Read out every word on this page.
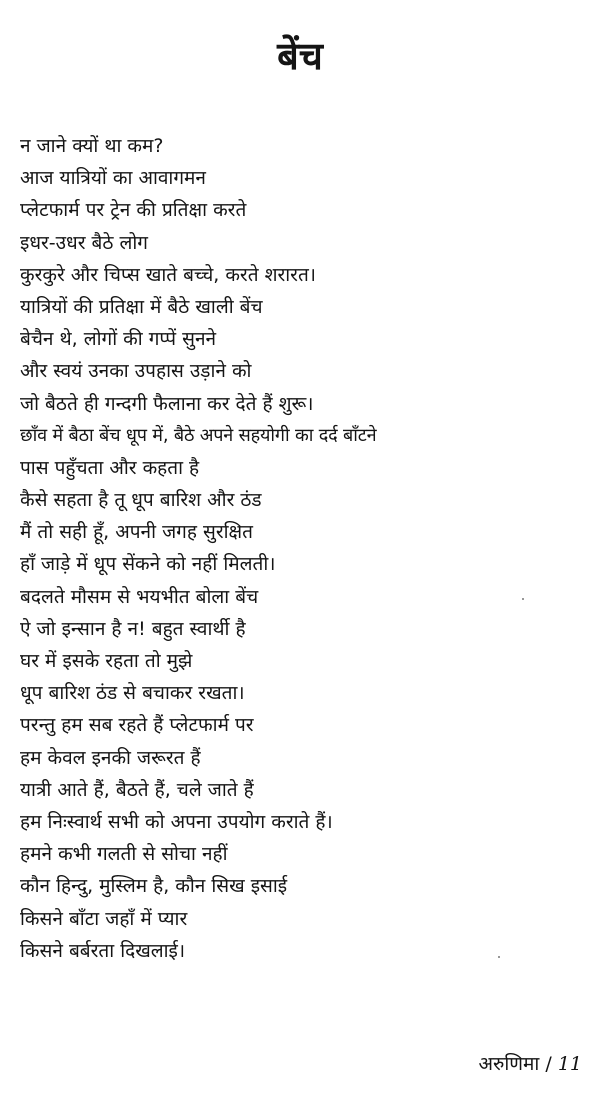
बेंच
न जाने क्यों था कम?
आज यात्रियों का आवागमन
प्लेटफार्म पर ट्रेन की प्रतिक्षा करते
इधर-उधर बैठे लोग
कुरकुरे और चिप्स खाते बच्चे, करते शरारत।
यात्रियों की प्रतिक्षा में बैठे खाली बेंच
बेचैन थे, लोगों की गप्पें सुनने
और स्वयं उनका उपहास उड़ाने को
जो बैठते ही गन्दगी फैलाना कर देते हैं शुरू।
छाँव में बैठा बेंच धूप में, बैठे अपने सहयोगी का दर्द बाँटने
पास पहुँचता और कहता है
कैसे सहता है तू धूप बारिश और ठंड
मैं तो सही हूँ, अपनी जगह सुरक्षित
हाँ जाड़े में धूप सेंकने को नहीं मिलती।
बदलते मौसम से भयभीत बोला बेंच
ऐ जो इन्सान है न! बहुत स्वार्थी है
घर में इसके रहता तो मुझे
धूप बारिश ठंड से बचाकर रखता।
परन्तु हम सब रहते हैं प्लेटफार्म पर
हम केवल इनकी जरूरत हैं
यात्री आते हैं, बैठते हैं, चले जाते हैं
हम निःस्वार्थ सभी को अपना उपयोग कराते हैं।
हमने कभी गलती से सोचा नहीं
कौन हिन्दु, मुस्लिम है, कौन सिख इसाई
किसने बाँटा जहाँ में प्यार
किसने बर्बरता दिखलाई।
अरुणिमा / 11
